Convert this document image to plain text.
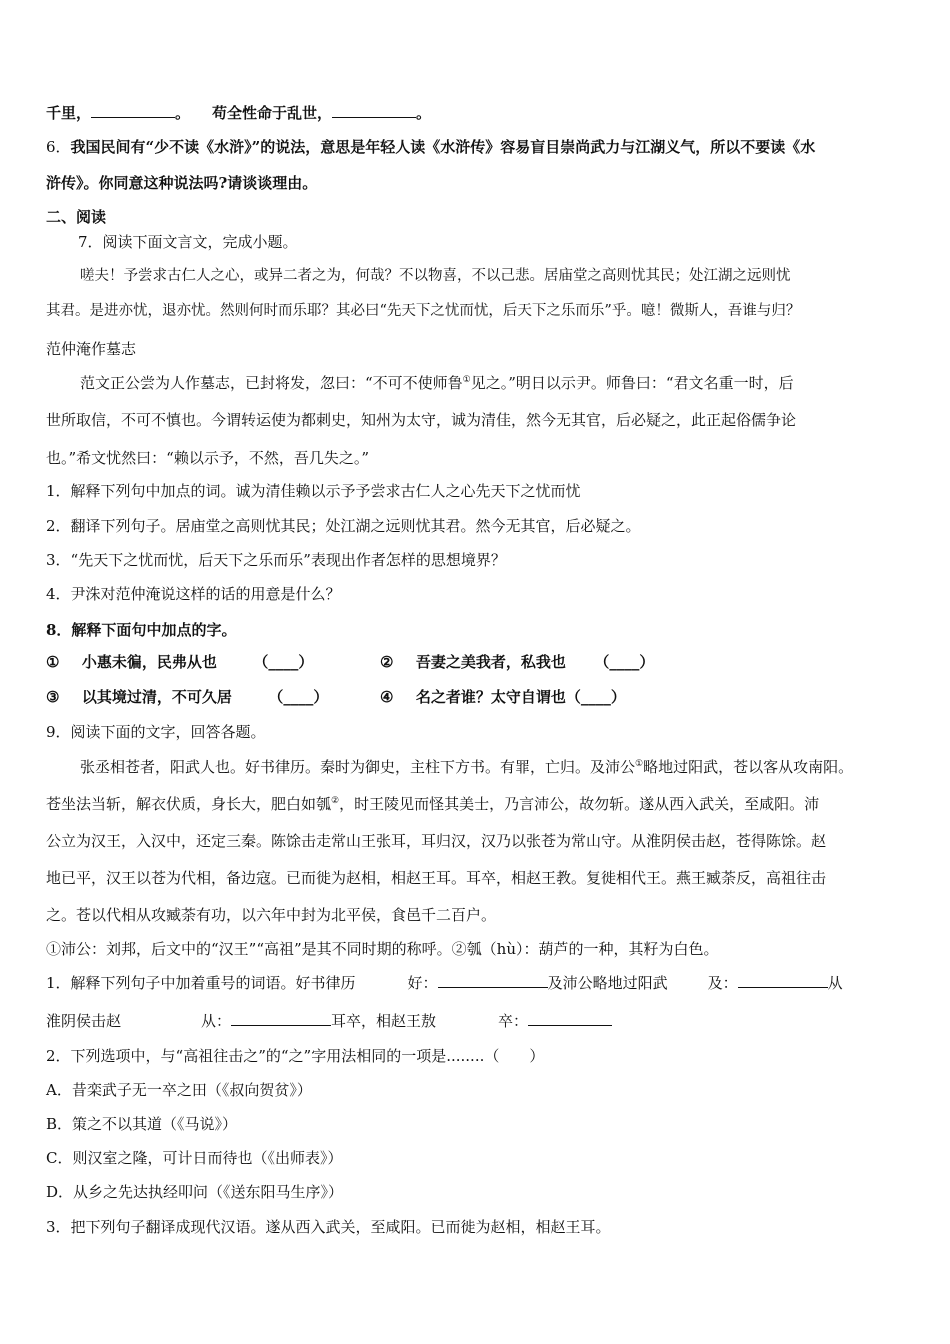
千里，	。 苟全性命于乱世，	。
6．我国民间有“少不读《水浒》”的说法，意思是年轻人读《水浒传》容易盲目崇尚武力与江湖义气，所以不要读《水
浒传》。你同意这种说法吗?请谈谈理由。
二、阅读
7．阅读下面文言文，完成小题。
嗟夫！予尝求古仁人之心，或异二者之为，何哉？不以物喜，不以己悲。居庙堂之高则忧其民；处江湖之远则忧
其君。是进亦忧，退亦忧。然则何时而乐耶？其必曰“先天下之忧而忧，后天下之乐而乐”乎。噫！微斯人，吾谁与归？
范仲淹作墓志
范文正公尝为人作墓志，已封将发，忽曰：“不可不使师鲁①见之。”明日以示尹。师鲁曰：“君文名重一时，后
世所取信，不可不慎也。今谓转运使为都刺史，知州为太守，诚为清佳，然今无其官，后必疑之，此正起俗儒争论
也。”希文忧然曰：“赖以示予，不然，吾几失之。”
1．解释下列句中加点的词。诚为清佳赖以示予予尝求古仁人之心先天下之忧而忧
2．翻译下列句子。居庙堂之高则忧其民；处江湖之远则忧其君。然今无其官，后必疑之。
3．“先天下之忧而忧，后天下之乐而乐”表现出作者怎样的思想境界？
4．尹洙对范仲淹说这样的话的用意是什么？
8．解释下面句中加点的字。
① 小惠未徧，民弗从也 （____）	② 吾妻之美我者，私我也 （____）
③ 以其境过清，不可久居 （____）	④ 名之者谁？太守自谓也（____）
9．阅读下面的文字，回答各题。
张丞相苍者，阳武人也。好书律历。秦时为御史，主柱下方书。有罪，亡归。及沛公①略地过阳武，苍以客从攻南阳。
苍坐法当斩，解衣伏质，身长大，肥白如瓠②，时王陵见而怪其美士，乃言沛公，故勿斩。遂从西入武关，至咸阳。沛
公立为汉王，入汉中，还定三秦。陈馀击走常山王张耳，耳归汉，汉乃以张苍为常山守。从淮阴侯击赵，苍得陈馀。赵
地已平，汉王以苍为代相，备边寇。已而徙为赵相，相赵王耳。耳卒，相赵王教。复徙相代王。燕王臧荼反，高祖往击
之。苍以代相从攻臧荼有功，以六年中封为北平侯，食邑千二百户。
①沛公：刘邦，后文中的“汉王”“高祖”是其不同时期的称呼。②瓠（hù）：葫芦的一种，其籽为白色。
1．解释下列句子中加着重号的词语。好书律历	好：	及沛公略地过阳武	及：	从
淮阴侯击赵	从：	耳卒，相赵王敖	卒：
2．下列选项中，与“高祖往击之”的“之”字用法相同的一项是........（　　）
A．昔栾武子无一卒之田（《叔向贺贫》）
B．策之不以其道（《马说》）
C．则汉室之隆，可计日而待也（《出师表》）
D．从乡之先达执经叩问（《送东阳马生序》）
3．把下列句子翻译成现代汉语。遂从西入武关，至咸阳。已而徙为赵相，相赵王耳。
